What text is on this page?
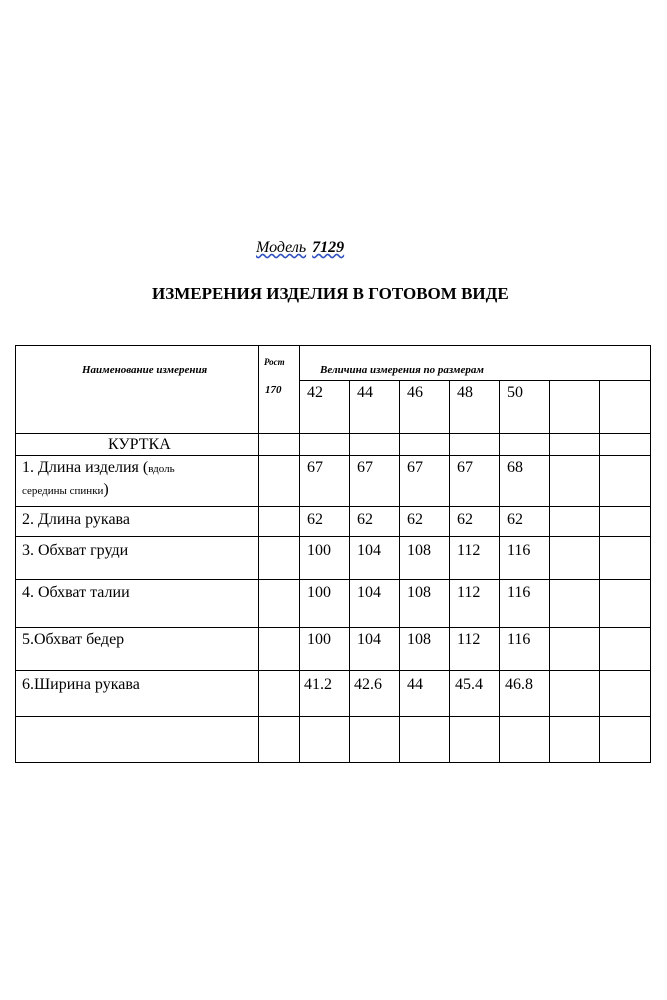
Модель 7129
ИЗМЕРЕНИЯ ИЗДЕЛИЯ В ГОТОВОМ ВИДЕ
Наименование измерения
Рост
170
Величина измерения по размерам
42 44 46 48 50
КУРТКА
1. Длина изделия (вдоль
середины спинки)
67 67 67 67 68
2. Длина рукава	62 62 62 62 62
3. Обхват груди	100 104 108 112 116
4. Обхват талии	100 104 108 112 116
5.Обхват бедер	100 104 108 112 116
6.Ширина рукава	41.2 42.6 44 45.4 46.8
